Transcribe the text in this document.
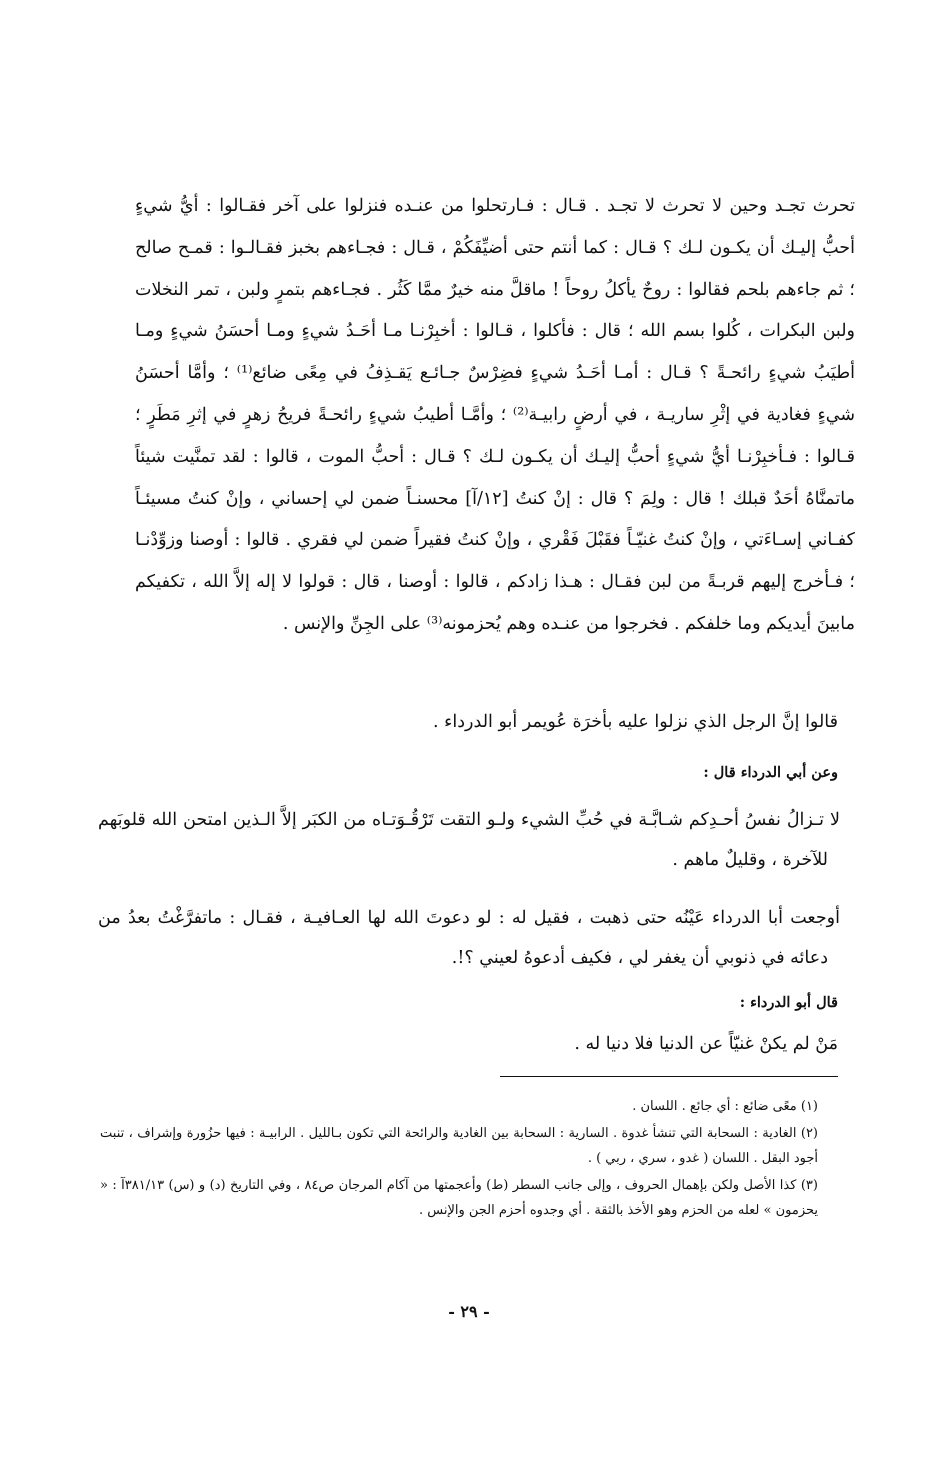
تحرث تجـد وحين لا تحرث لا تجـد . قـال : فـارتحلوا من عنـده فنزلوا على آخر فقـالوا : أيُّ شيءٍ أحبُّ إليـك أن يكـون لـك ؟ قـال : كما أنتم حتى أضيِّفَكُمْ ، قـال : فجـاءهم بخبز فقـالـوا : قمـح صالح ؛ ثم جاءهم بلحم فقالوا : روحٌ يأكلُ روحاً ! ماقلَّ منه خيرٌ ممَّا كَثُر . فجـاءهم بتمرٍ ولبن ، تمر النخلات ولبن البكرات ، كُلوا بسم الله ؛ قال : فأكلوا ، قـالوا : أخبِرْنـا مـا أحَـدُ شيءٍ ومـا أحسَنُ شيءٍ ومـا أطيَبُ شيءٍ رائحـةً ؟ قـال : أمـا أحَـدُ شيءٍ فضِرْسٌ جـائـع يَقـذِفُ في مِعًى ضائع⁽¹⁾ ؛ وأمَّا أحسَنُ شيءٍ فغادية في إثْرِ ساريـة ، في أرضٍ رابيـة⁽²⁾ ؛ وأمَّـا أطيبُ شيءٍ رائحـةً فريحُ زهرٍ في إثرِ مَطَرٍ ؛ قـالوا : فـأخبِرْنـا أيُّ شيءٍ أحبُّ إليـك أن يكـون لـك ؟ قـال : أحبُّ الموت ، قالوا : لقد تمنَّيت شيئاً ماتمنَّاهُ أحَدٌ قبلك ! قال : ولِمَ ؟ قال : إنْ كنتُ [١٢/آ] محسنـاً ضمن لي إحساني ، وإنْ كنتُ مسيئـاً كفـاني إسـاءَتي ، وإنْ كنتُ غنيّـاً فقَبْلَ فَقْري ، وإنْ كنتُ فقيراً ضمن لي فقري . قالوا : أوصنا وزوِّدْنـا ؛ فـأخرج إليهم قربـةً من لبن فقـال : هـذا زادكم ، قالوا : أوصنا ، قال : قولوا لا إله إلاَّ الله ، تكفيكم مابينَ أيديكم وما خلفكم . فخرجوا من عنـده وهم يُحزمونه⁽³⁾ على الجِنِّ والإنس .

قالوا إنَّ الرجل الذي نزلوا عليه بأخرَة عُويمر أبو الدرداء .
وعن أبي الدرداء قال :
لا تـزالُ نفسُ أحـدِكم شـابَّـة في حُبِّ الشيء ولـو التقت تَرْقُـوَتـاه من الكبَر إلاَّ الـذين امتحن الله قلوبَهم للآخرة ، وقليلٌ ماهم .
أوجعت أبا الدرداء عَيْنُه حتى ذهبت ، فقيل له : لو دعوتَ الله لها العـافيـة ، فقـال : ماتفرَّغْتُ بعدُ من دعائه في ذنوبي أن يغفر لي ، فكيف أدعوهُ لعيني ؟!.
قال أبو الدرداء :
مَنْ لم يكنْ غنيّاً عن الدنيا فلا دنيا له .

(١) معًى ضائع : أي جائع . اللسان .

(٢) الغادية : السحابة التي تنشأ غدوة . السارية : السحابة بين الغادية والرائحة التي تكون بـالليل . الرابيـة : فيها حزُورة وإشراف ، تنبت أجود البقل . اللسان ( غدو ، سري ، ربي ) .

(٣) كذا الأصل ولكن بإهمال الحروف ، وإلى جانب السطر (ط) وأعجمتها من آكام المرجان ص٨٤ ، وفي التاريخ (د) و (س) ٣٨١/١٣آ : « يحزمون » لعله من الحزم وهو الأخذ بالثقة . أي وجدوه أحزم الجن والإنس .

- ٢٩ -
